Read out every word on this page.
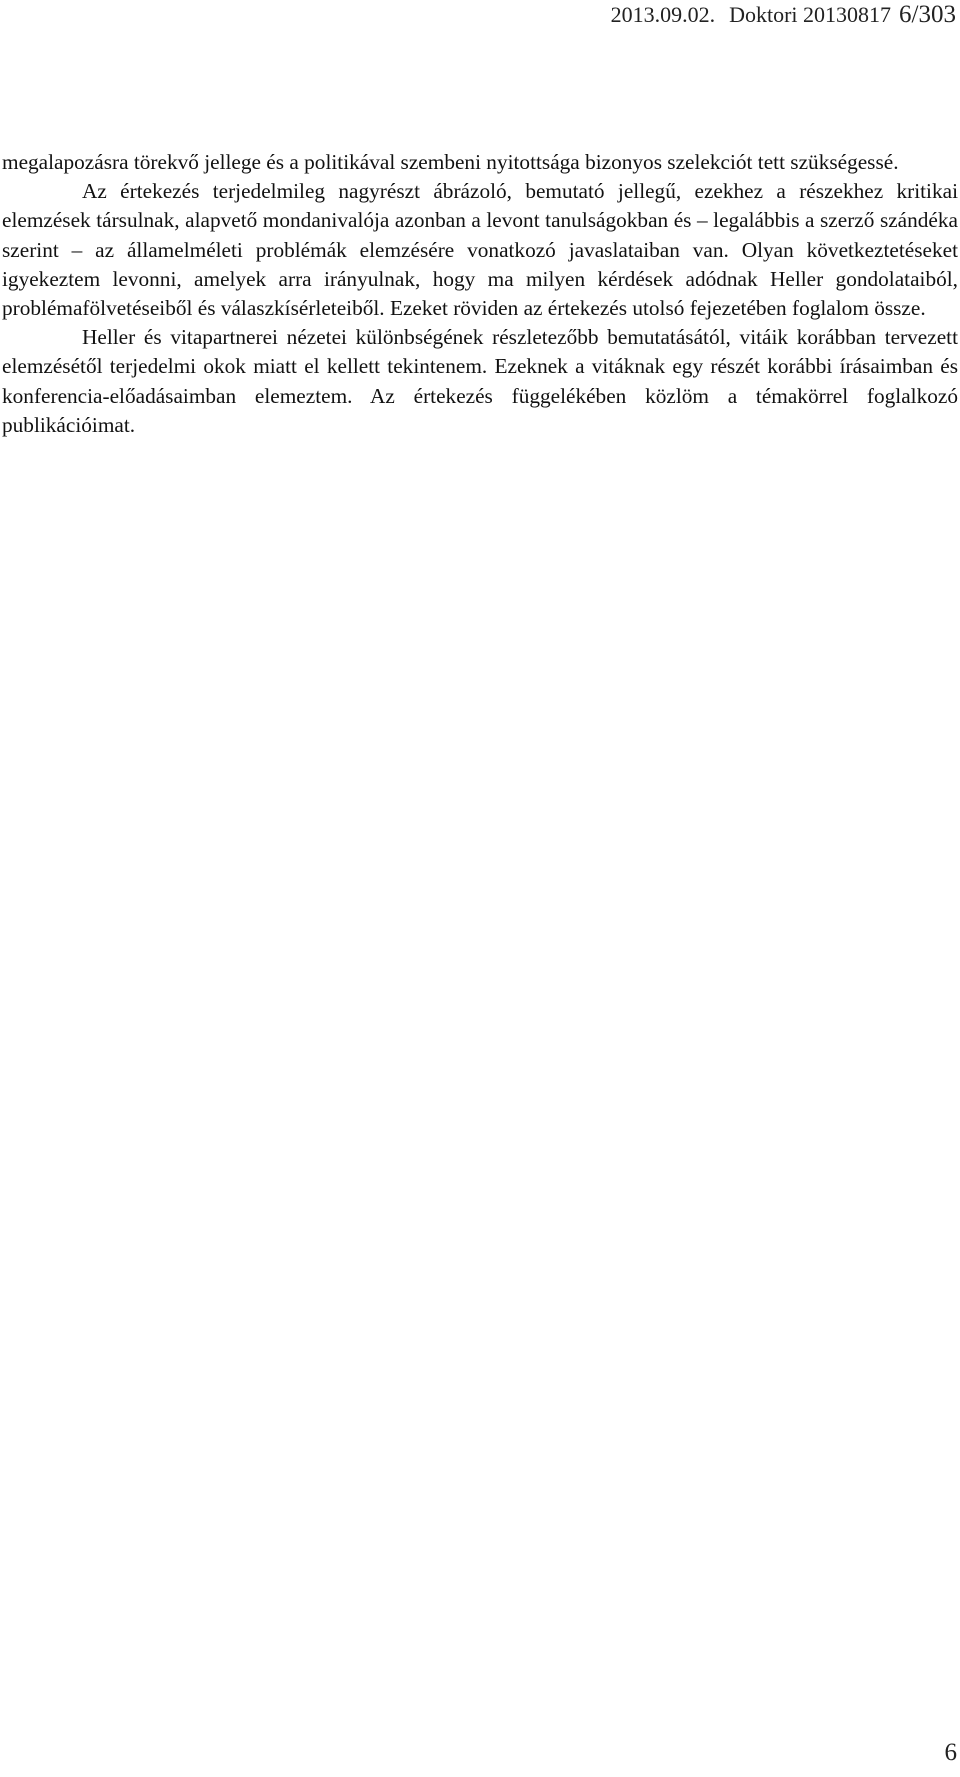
2013.09.02. Doktori 20130817 6/303

megalapozásra törekvő jellege és a politikával szembeni nyitottsága bizonyos szelekciót tett szükségessé.

Az értekezés terjedelmileg nagyrészt ábrázoló, bemutató jellegű, ezekhez a részekhez kritikai elemzések társulnak, alapvető mondanivalója azonban a levont tanulságokban és – legalábbis a szerző szándéka szerint – az államelméleti problémák elemzésére vonatkozó javaslataiban van. Olyan következtetéseket igyekeztem levonni, amelyek arra irányulnak, hogy ma milyen kérdések adódnak Heller gondolataiból, problémafölvetéseiből és válaszkísérleteiből. Ezeket röviden az értekezés utolsó fejezetében foglalom össze.

Heller és vitapartnerei nézetei különbségének részletezőbb bemutatásától, vitáik korábban tervezett elemzésétől terjedelmi okok miatt el kellett tekintenem. Ezeknek a vitáknak egy részét korábbi írásaimban és konferencia-előadásaimban elemeztem. Az értekezés függelékében közlöm a témakörrel foglalkozó publikációimat.

6
